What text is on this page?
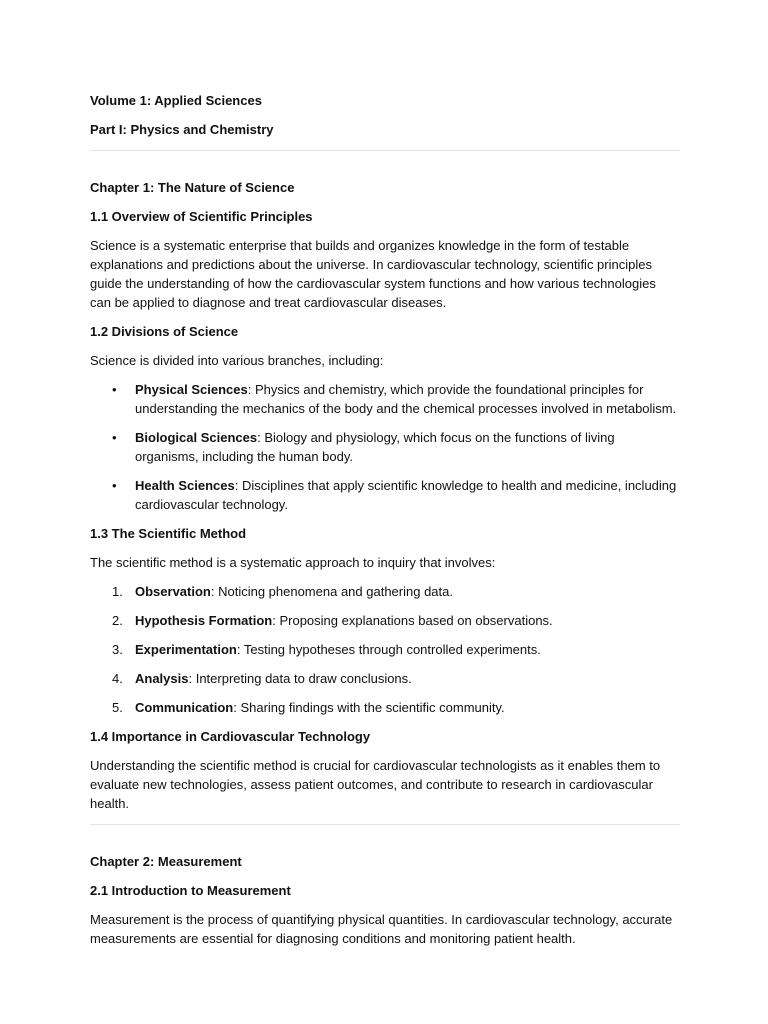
Volume 1: Applied Sciences

Part I: Physics and Chemistry

Chapter 1: The Nature of Science

1.1 Overview of Scientific Principles

Science is a systematic enterprise that builds and organizes knowledge in the form of testable explanations and predictions about the universe. In cardiovascular technology, scientific principles guide the understanding of how the cardiovascular system functions and how various technologies can be applied to diagnose and treat cardiovascular diseases.

1.2 Divisions of Science

Science is divided into various branches, including:

• Physical Sciences: Physics and chemistry, which provide the foundational principles for understanding the mechanics of the body and the chemical processes involved in metabolism.
• Biological Sciences: Biology and physiology, which focus on the functions of living organisms, including the human body.
• Health Sciences: Disciplines that apply scientific knowledge to health and medicine, including cardiovascular technology.

1.3 The Scientific Method

The scientific method is a systematic approach to inquiry that involves:

1. Observation: Noticing phenomena and gathering data.
2. Hypothesis Formation: Proposing explanations based on observations.
3. Experimentation: Testing hypotheses through controlled experiments.
4. Analysis: Interpreting data to draw conclusions.
5. Communication: Sharing findings with the scientific community.

1.4 Importance in Cardiovascular Technology

Understanding the scientific method is crucial for cardiovascular technologists as it enables them to evaluate new technologies, assess patient outcomes, and contribute to research in cardiovascular health.

Chapter 2: Measurement

2.1 Introduction to Measurement

Measurement is the process of quantifying physical quantities. In cardiovascular technology, accurate measurements are essential for diagnosing conditions and monitoring patient health.
